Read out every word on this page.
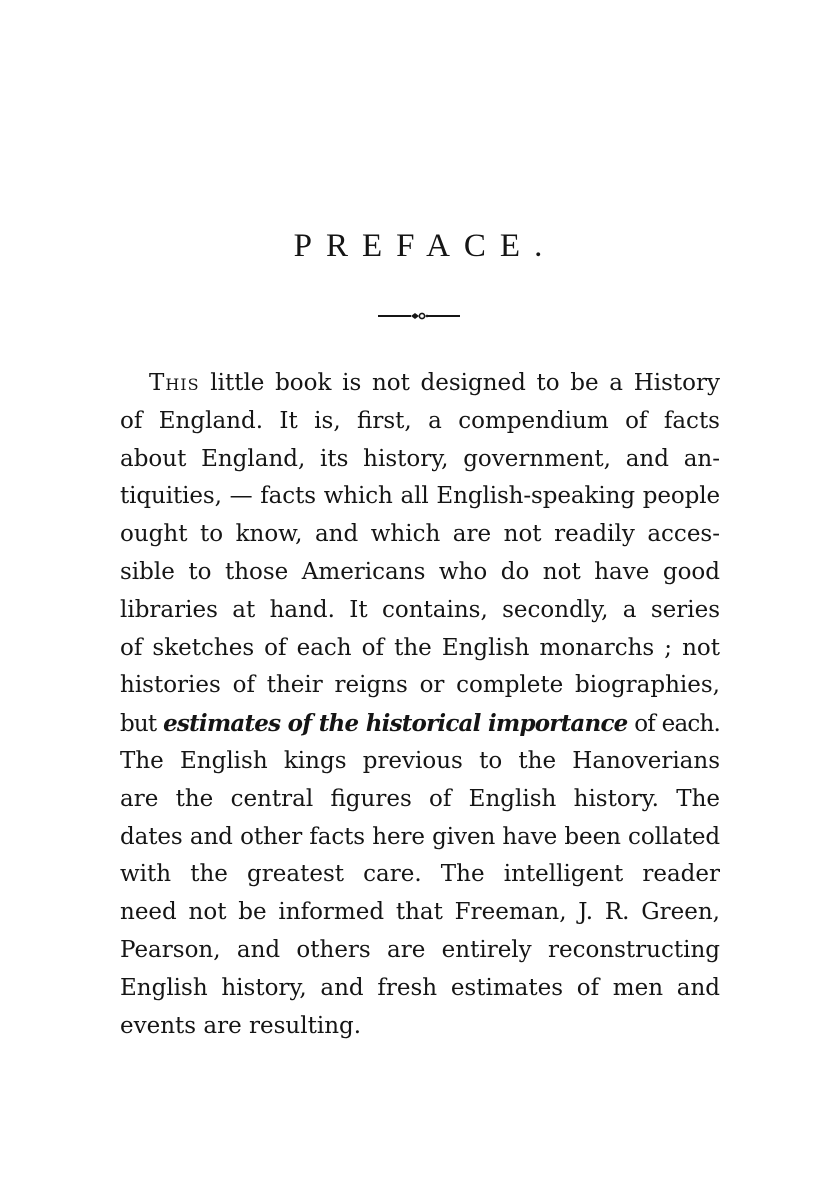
PREFACE.
This little book is not designed to be a History
of England. It is, first, a compendium of facts
about England, its history, government, and an-
tiquities, — facts which all English-speaking people
ought to know, and which are not readily acces-
sible to those Americans who do not have good
libraries at hand. It contains, secondly, a series
of sketches of each of the English monarchs ; not
histories of their reigns or complete biographies,
but estimates of the historical importance of each.
The English kings previous to the Hanoverians
are the central figures of English history. The
dates and other facts here given have been collated
with the greatest care. The intelligent reader
need not be informed that Freeman, J. R. Green,
Pearson, and others are entirely reconstructing
English history, and fresh estimates of men and
events are resulting.
